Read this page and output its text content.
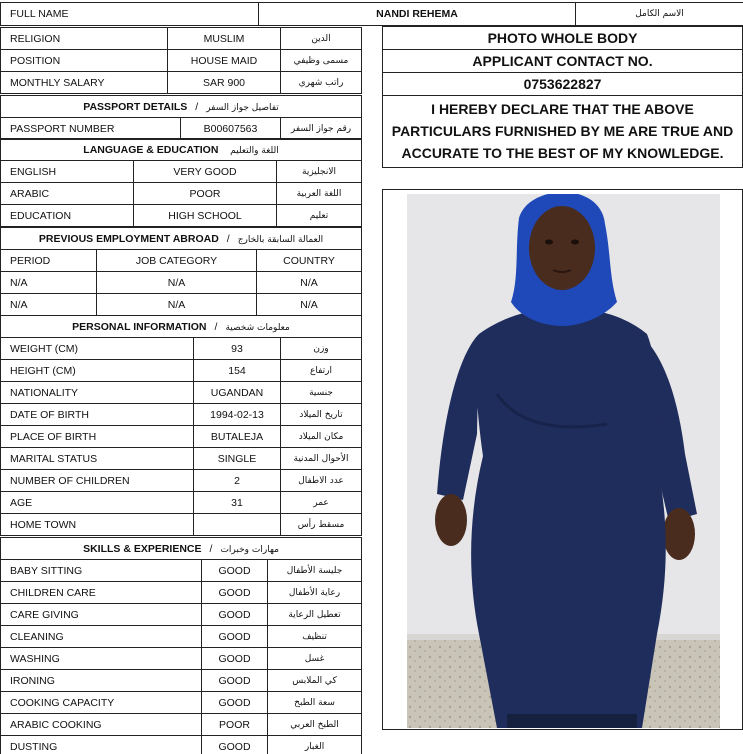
FULL NAME	NANDI REHEMA	الاسم الكامل
RELIGION	MUSLIM	الدين
POSITION	HOUSE MAID	مسمى وظيفي
MONTHLY SALARY	SAR 900	راتب شهري
PASSPORT DETAILS / تفاصيل جواز السفر
PASSPORT NUMBER	B00607563	رقم جواز السفر
LANGUAGE & EDUCATION اللغة والتعليم		
ENGLISH	VERY GOOD	الانجليزية
ARABIC	POOR	اللغة العربية
EDUCATION	HIGH SCHOOL	تعليم
PREVIOUS EMPLOYMENT ABROAD / العمالة السابقة بالخارج		
PERIOD	JOB CATEGORY	COUNTRY
N/A	N/A	N/A
N/A	N/A	N/A
PERSONAL INFORMATION / معلومات شخصية		
WEIGHT (CM)	93	وزن
HEIGHT (CM)	154	ارتفاع
NATIONALITY	UGANDAN	جنسية
DATE OF BIRTH	1994-02-13	تاريخ الميلاد
PLACE OF BIRTH	BUTALEJA	مكان الميلاد
MARITAL STATUS	SINGLE	الأحوال المدنية
NUMBER OF CHILDREN	2	عدد الاطفال
AGE	31	عمر
HOME TOWN		مسقط رأس
SKILLS & EXPERIENCE / مهارات وخبرات		
BABY SITTING	GOOD	جليسة الأطفال
CHILDREN CARE	GOOD	رعاية الأطفال
CARE GIVING	GOOD	تعطيل الرعاية
CLEANING	GOOD	تنظيف
WASHING	GOOD	غسل
IRONING	GOOD	كي الملابس
COOKING CAPACITY	GOOD	سعة الطبخ
ARABIC COOKING	POOR	الطبخ العربي
DUSTING	GOOD	الغبار
PHOTO WHOLE BODY
APPLICANT CONTACT NO.
0753622827
I HEREBY DECLARE THAT THE ABOVE PARTICULARS FURNISHED BY ME ARE TRUE AND ACCURATE TO THE BEST OF MY KNOWLEDGE.
